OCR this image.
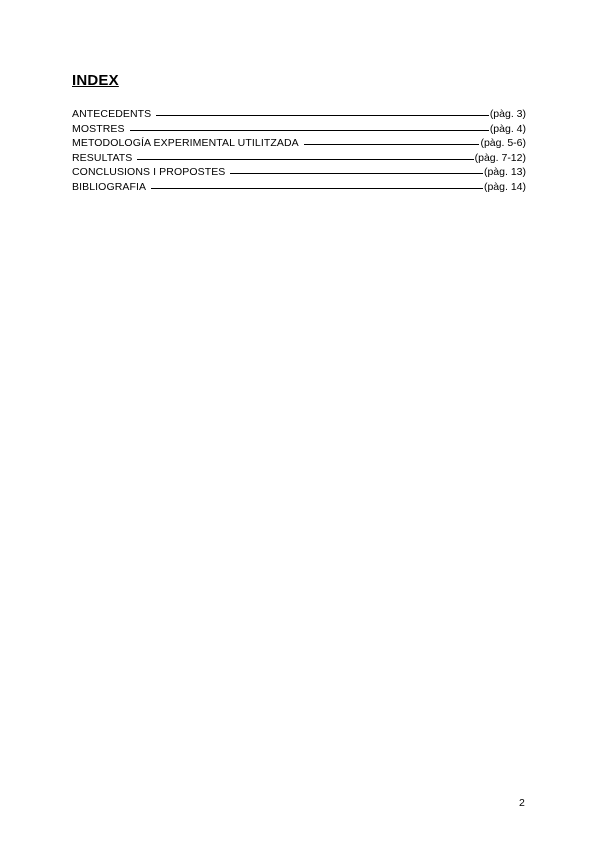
INDEX
ANTECEDENTS	(pàg. 3)
MOSTRES	(pàg. 4)
METODOLOGÍA EXPERIMENTAL UTILITZADA	(pàg. 5-6)
RESULTATS	(pàg. 7-12)
CONCLUSIONS I PROPOSTES	(pàg. 13)
BIBLIOGRAFIA	(pàg. 14)
2
